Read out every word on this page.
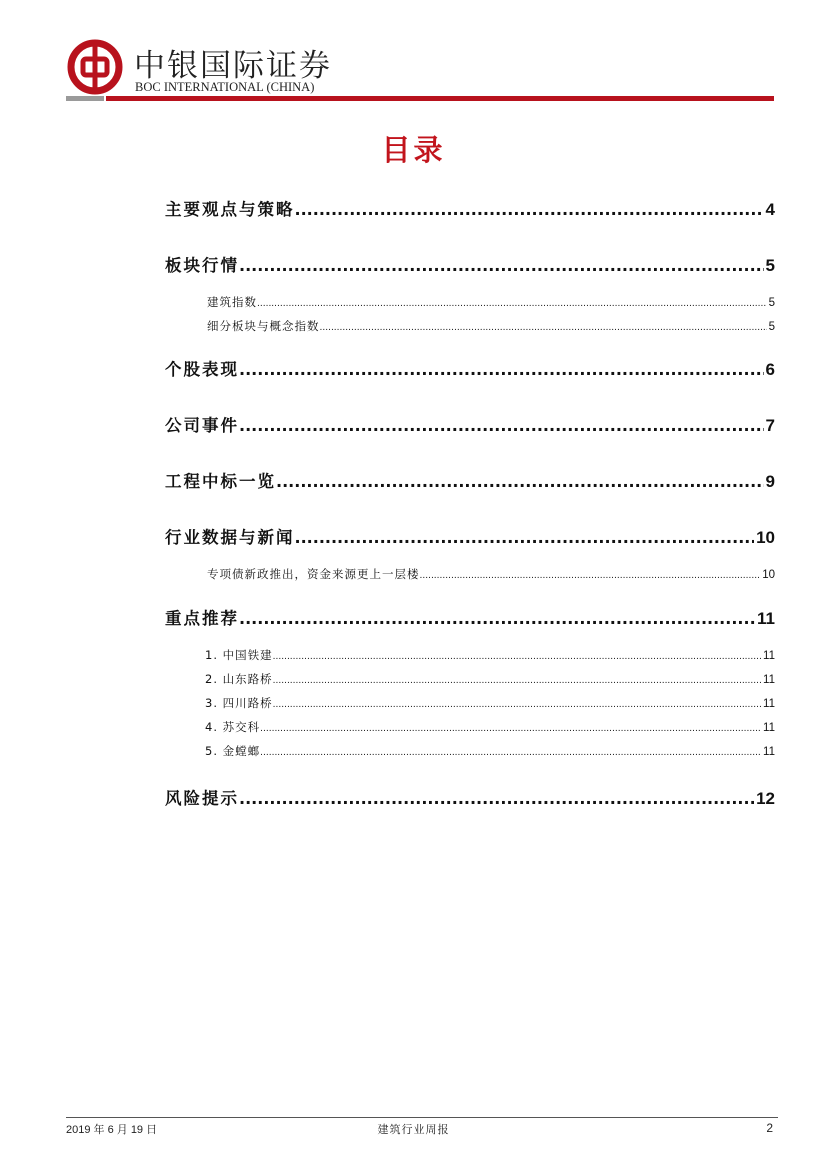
中银国际证券
BOC INTERNATIONAL (CHINA)
目录
主要观点与策略 .....	4
板块行情 .....	5
建筑指数 .....	5
细分板块与概念指数 .....	5
个股表现 .....	6
公司事件 .....	7
工程中标一览 .....	9
行业数据与新闻 .....	10
专项债新政推出，资金来源更上一层楼 .....	10
重点推荐 .....	11
1. 中国铁建 .....	11
2. 山东路桥 .....	11
3. 四川路桥 .....	11
4. 苏交科 .....	11
5. 金螳螂 .....	11
风险提示 .....	12
2019 年 6 月 19 日	建筑行业周报	2
